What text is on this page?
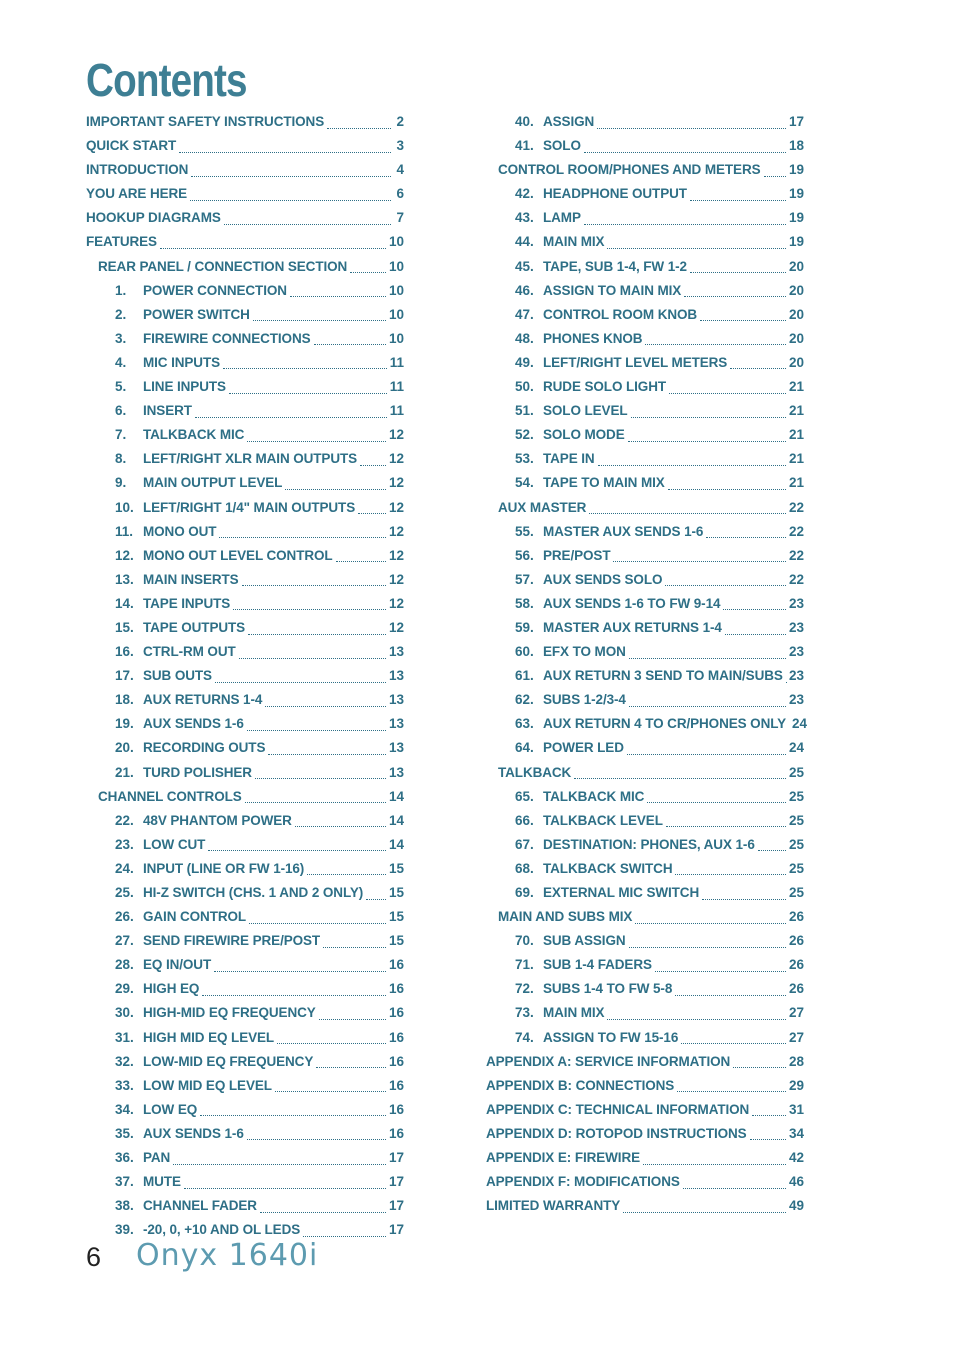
Contents
IMPORTANT SAFETY INSTRUCTIONS	2
QUICK START	3
INTRODUCTION	4
YOU ARE HERE	6
HOOKUP DIAGRAMS	7
FEATURES	10
REAR PANEL / CONNECTION SECTION	10
1.	POWER CONNECTION	10
2.	POWER SWITCH	10
3.	FIREWIRE CONNECTIONS	10
4.	MIC INPUTS	11
5.	LINE INPUTS	11
6.	INSERT	11
7.	TALKBACK MIC	12
8.	LEFT/RIGHT XLR MAIN OUTPUTS 12
9.	MAIN OUTPUT LEVEL	12
10. LEFT/RIGHT 1/4" MAIN OUTPUTS	12
11. MONO OUT	12
12. MONO OUT LEVEL CONTROL	12
13. MAIN INSERTS	12
14. TAPE INPUTS	12
15. TAPE OUTPUTS	12
16. CTRL-RM OUT	13
17. SUB OUTS	13
18. AUX RETURNS 1-4	13
19. AUX SENDS 1-6	13
20. RECORDING OUTS	13
21. TURD POLISHER	13
CHANNEL CONTROLS	14
22. 48V PHANTOM POWER	14
23. LOW CUT	14
24. INPUT (LINE OR FW 1-16)	15
25. HI-Z SWITCH (CHS. 1 AND 2 ONLY) 15
26. GAIN CONTROL	15
27. SEND FIREWIRE PRE/POST	15
28. EQ IN/OUT	16
29. HIGH EQ	16
30. HIGH-MID EQ FREQUENCY	16
31. HIGH MID EQ LEVEL	16
32. LOW-MID EQ FREQUENCY	16
33. LOW MID EQ LEVEL	16
34. LOW EQ	16
35. AUX SENDS 1-6	16
36. PAN	17
37. MUTE	17
38. CHANNEL FADER	17
39. -20, 0, +10 AND OL LEDS	17
40. ASSIGN	17
41. SOLO	18
CONTROL ROOM/PHONES AND METERS 19
42. HEADPHONE OUTPUT	19
43. LAMP	19
44. MAIN MIX	19
45. TAPE, SUB 1-4, FW 1-2	20
46. ASSIGN TO MAIN MIX	20
47. CONTROL ROOM KNOB	20
48. PHONES KNOB	20
49. LEFT/RIGHT LEVEL METERS	20
50. RUDE SOLO LIGHT	21
51. SOLO LEVEL	21
52. SOLO MODE	21
53. TAPE IN	21
54. TAPE TO MAIN MIX	21
AUX MASTER	22
55. MASTER AUX SENDS 1-6	22
56. PRE/POST	22
57. AUX SENDS SOLO	22
58. AUX SENDS 1-6 TO FW 9-14	23
59. MASTER AUX RETURNS 1-4	23
60. EFX TO MON	23
61. AUX RETURN 3 SEND TO MAIN/SUBS 23
62. SUBS 1-2/3-4	23
63. AUX RETURN 4 TO CR/PHONES ONLY 24
64. POWER LED	24
TALKBACK	25
65. TALKBACK MIC	25
66. TALKBACK LEVEL	25
67. DESTINATION: PHONES, AUX 1-6	25
68. TALKBACK SWITCH	25
69. EXTERNAL MIC SWITCH	25
MAIN AND SUBS MIX	26
70. SUB ASSIGN	26
71. SUB 1-4 FADERS	26
72. SUBS 1-4 TO FW 5-8	26
73. MAIN MIX	27
74. ASSIGN TO FW 15-16	27
APPENDIX A: SERVICE INFORMATION	28
APPENDIX B: CONNECTIONS	29
APPENDIX C: TECHNICAL INFORMATION	31
APPENDIX D: ROTOPOD INSTRUCTIONS	34
APPENDIX E: FIREWIRE	42
APPENDIX F: MODIFICATIONS	46
LIMITED WARRANTY	49
6 Onyx 1640i
